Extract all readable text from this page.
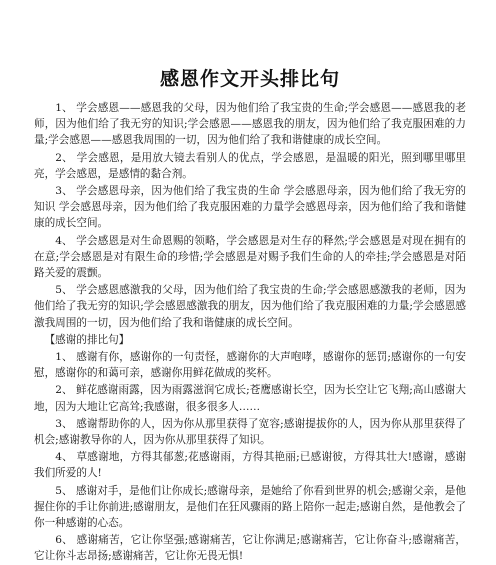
感恩作文开头排比句

1、 学会感恩——感恩我的父母，因为他们给了我宝贵的生命;学会感恩——感恩我的老师，因为他们给了我无穷的知识;学会感恩——感恩我的朋友，因为他们给了我克服困难的力量;学会感恩——感恩我周围的一切，因为他们给了我和谐健康的成长空间。

2、 学会感恩，是用放大镜去看别人的优点，学会感恩，是温暖的阳光，照到哪里哪里亮，学会感恩，是感情的黏合剂。

3、 学会感恩母亲，因为他们给了我宝贵的生命 学会感恩母亲，因为他们给了我无穷的知识 学会感恩母亲，因为他们给了我克服困难的力量学会感恩母亲，因为他们给了我和谐健康的成长空间。

4、 学会感恩是对生命恩赐的领略，学会感恩是对生存的释然;学会感恩是对现在拥有的在意;学会感恩是对有限生命的珍惜;学会感恩是对赐予我们生命的人的牵挂;学会感恩是对陌路关爱的震颤。

5、 学会感恩感激我的父母，因为他们给了我宝贵的生命;学会感恩感激我的老师，因为他们给了我无穷的知识;学会感恩感激我的朋友，因为他们给了我克服困难的力量;学会感恩感激我周围的一切，因为他们给了我和谐健康的成长空间。

【感谢的排比句】

1、 感谢有你，感谢你的一句责怪，感谢你的大声咆哮，感谢你的惩罚;感谢你的一句安慰，感谢你的和蔼可亲，感谢你用鲜花做成的奖杯。

2、 鲜花感谢雨露，因为雨露滋润它成长;苍鹰感谢长空，因为长空让它飞翔;高山感谢大地，因为大地让它高耸;我感谢，很多很多人……

3、 感谢帮助你的人，因为你从那里获得了宽容;感谢提拔你的人，因为你从那里获得了机会;感谢教导你的人，因为你从那里获得了知识。

4、 草感谢地，方得其郁葱;花感谢雨，方得其艳丽;已感谢彼，方得其壮大!感谢，感谢我们所爱的人!

5、 感谢对手，是他们让你成长;感谢母亲，是她给了你看到世界的机会;感谢父亲，是他握住你的手让你前进;感谢朋友，是他们在狂风骤雨的路上陪你一起走;感谢自然，是他教会了你一种感谢的心态。

6、 感谢痛苦，它让你坚强;感谢痛苦，它让你满足;感谢痛苦，它让你奋斗;感谢痛苦，它让你斗志昂扬;感谢痛苦，它让你无畏无惧!
